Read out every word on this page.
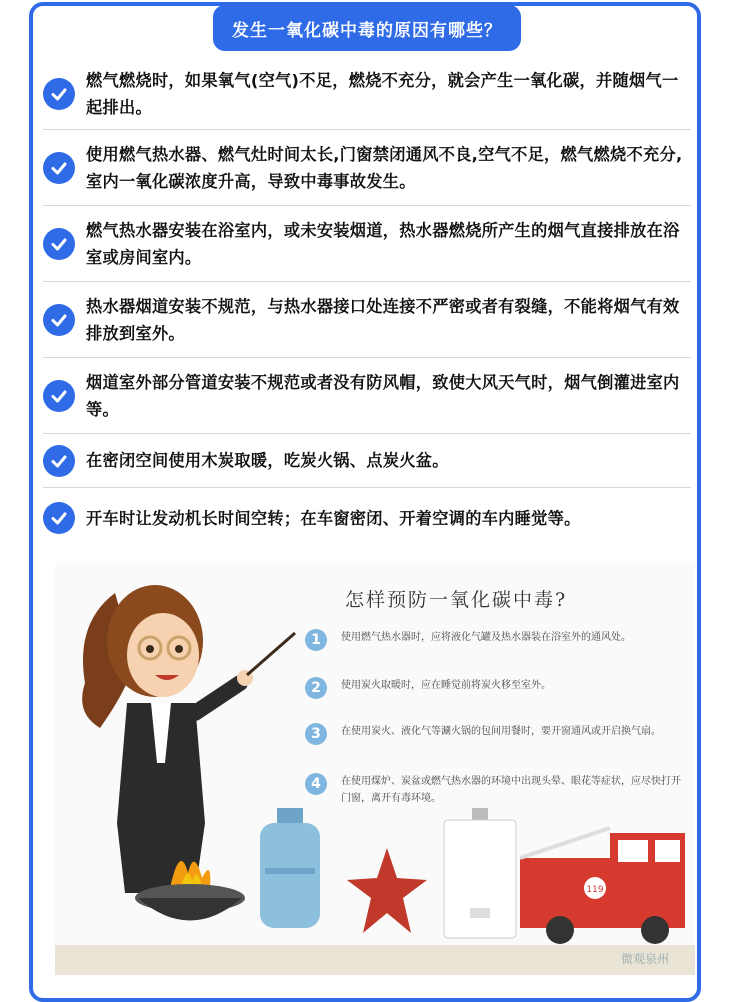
发生一氧化碳中毒的原因有哪些？
燃气燃烧时，如果氧气(空气)不足，燃烧不充分，就会产生一氧化碳，并随烟气一起排出。
使用燃气热水器、燃气灶时间太长,门窗禁闭通风不良,空气不足，燃气燃烧不充分,室内一氧化碳浓度升高，导致中毒事故发生。
燃气热水器安装在浴室内，或未安装烟道，热水器燃烧所产生的烟气直接排放在浴室或房间室内。
热水器烟道安装不规范，与热水器接口处连接不严密或者有裂缝，不能将烟气有效排放到室外。
烟道室外部分管道安装不规范或者没有防风帽，致使大风天气时，烟气倒灌进室内等。
在密闭空间使用木炭取暖，吃炭火锅、点炭火盆。
开车时让发动机长时间空转；在车窗密闭、开着空调的车内睡觉等。
怎样预防一氧化碳中毒?
1	使用燃气热水器时，应将液化气罐及热水器装在浴室外的通风处。
2	使用炭火取暖时，应在睡觉前将炭火移至室外。
3	在使用炭火、液化气等涮火锅的包间用餐时，要开窗通风或开启换气扇。
4	在使用煤炉、炭盆或燃气热水器的环境中出现头晕、眼花等症状，应尽快打开门窗，离开有毒环境。
119
微观泉州
